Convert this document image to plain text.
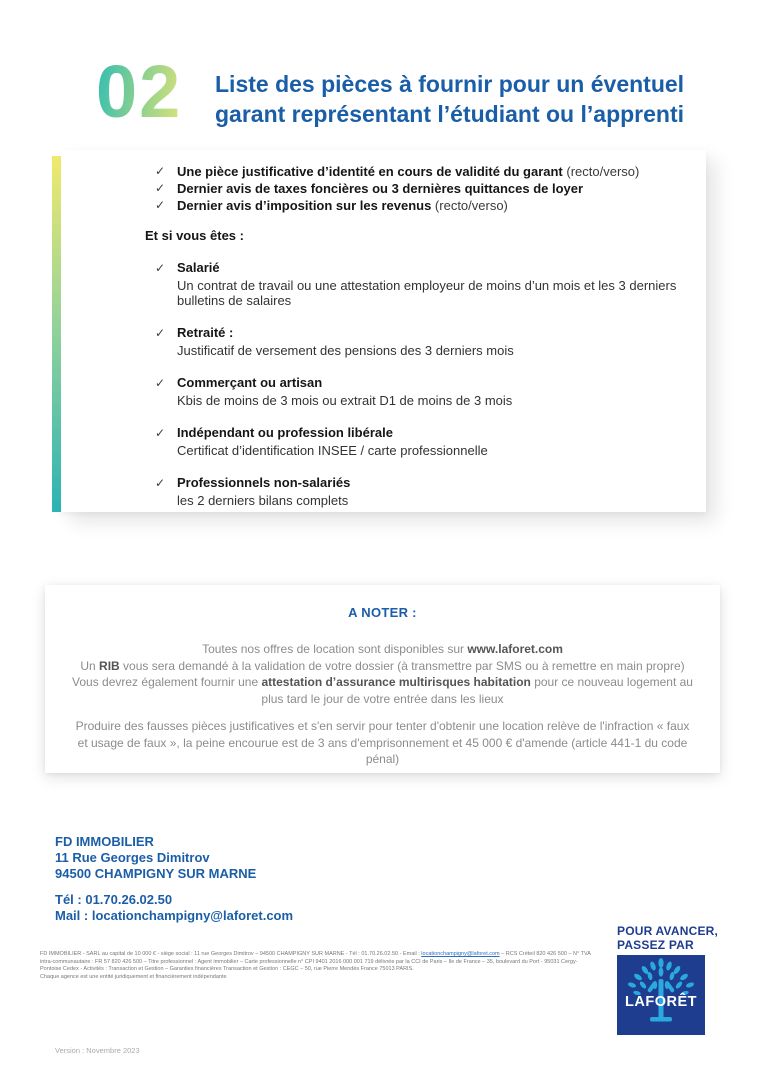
02 Liste des pièces à fournir pour un éventuel
garant représentant l’étudiant ou l’apprenti
✓ Une pièce justificative d’identité en cours de validité du garant (recto/verso)
✓ Dernier avis de taxes foncières ou 3 dernières quittances de loyer
✓ Dernier avis d’imposition sur les revenus (recto/verso)
Et si vous êtes :
✓ Salarié
Un contrat de travail ou une attestation employeur de moins d’un mois et les 3 derniers bulletins de salaires
✓ Retraité :
Justificatif de versement des pensions des 3 derniers mois
✓ Commerçant ou artisan
Kbis de moins de 3 mois ou extrait D1 de moins de 3 mois
✓ Indépendant ou profession libérale
Certificat d’identification INSEE / carte professionnelle
✓ Professionnels non-salariés
les 2 derniers bilans complets
A NOTER :
Toutes nos offres de location sont disponibles sur www.laforet.com
Un RIB vous sera demandé à la validation de votre dossier (à transmettre par SMS ou à remettre en main propre)
Vous devrez également fournir une attestation d’assurance multirisques habitation pour ce nouveau logement au plus tard le jour de votre entrée dans les lieux
Produire des fausses pièces justificatives et s'en servir pour tenter d'obtenir une location relève de l'infraction « faux et usage de faux », la peine encourue est de 3 ans d'emprisonnement et 45 000 € d'amende (article 441-1 du code pénal)
FD IMMOBILIER
11 Rue Georges Dimitrov
94500 CHAMPIGNY SUR MARNE
Tél : 01.70.26.02.50
Mail : locationchampigny@laforet.com
POUR AVANCER,
PASSEZ PAR
LAFORÊT
FD IMMOBILIER - SARL au capital de 10 000 € - siège social : 11 rue Georges Dimitrov – 94500 CHAMPIGNY SUR MARNE - Tél : 01.70.26.02.50 - Email : locationchampigny@laforet.com – RCS Créteil 820 426 500 – N° TVA intra-communautaire : FR 57 820 426 500 – Titre professionnel : Agent immobilier – Carte professionnelle n° CPI 9401 2016 000 001 719 délivrée par la CCI de Paris – Ile de France – 35, boulevard du Port - 95031 Cergy-Pontoise Cedex - Activités : Transaction et Gestion – Garanties financières Transaction et Gestion : CEGC – 50, rue Pierre Mendès France 75013 PARIS.
Chaque agence est une entité juridiquement et financièrement indépendante
Version : Novembre 2023
